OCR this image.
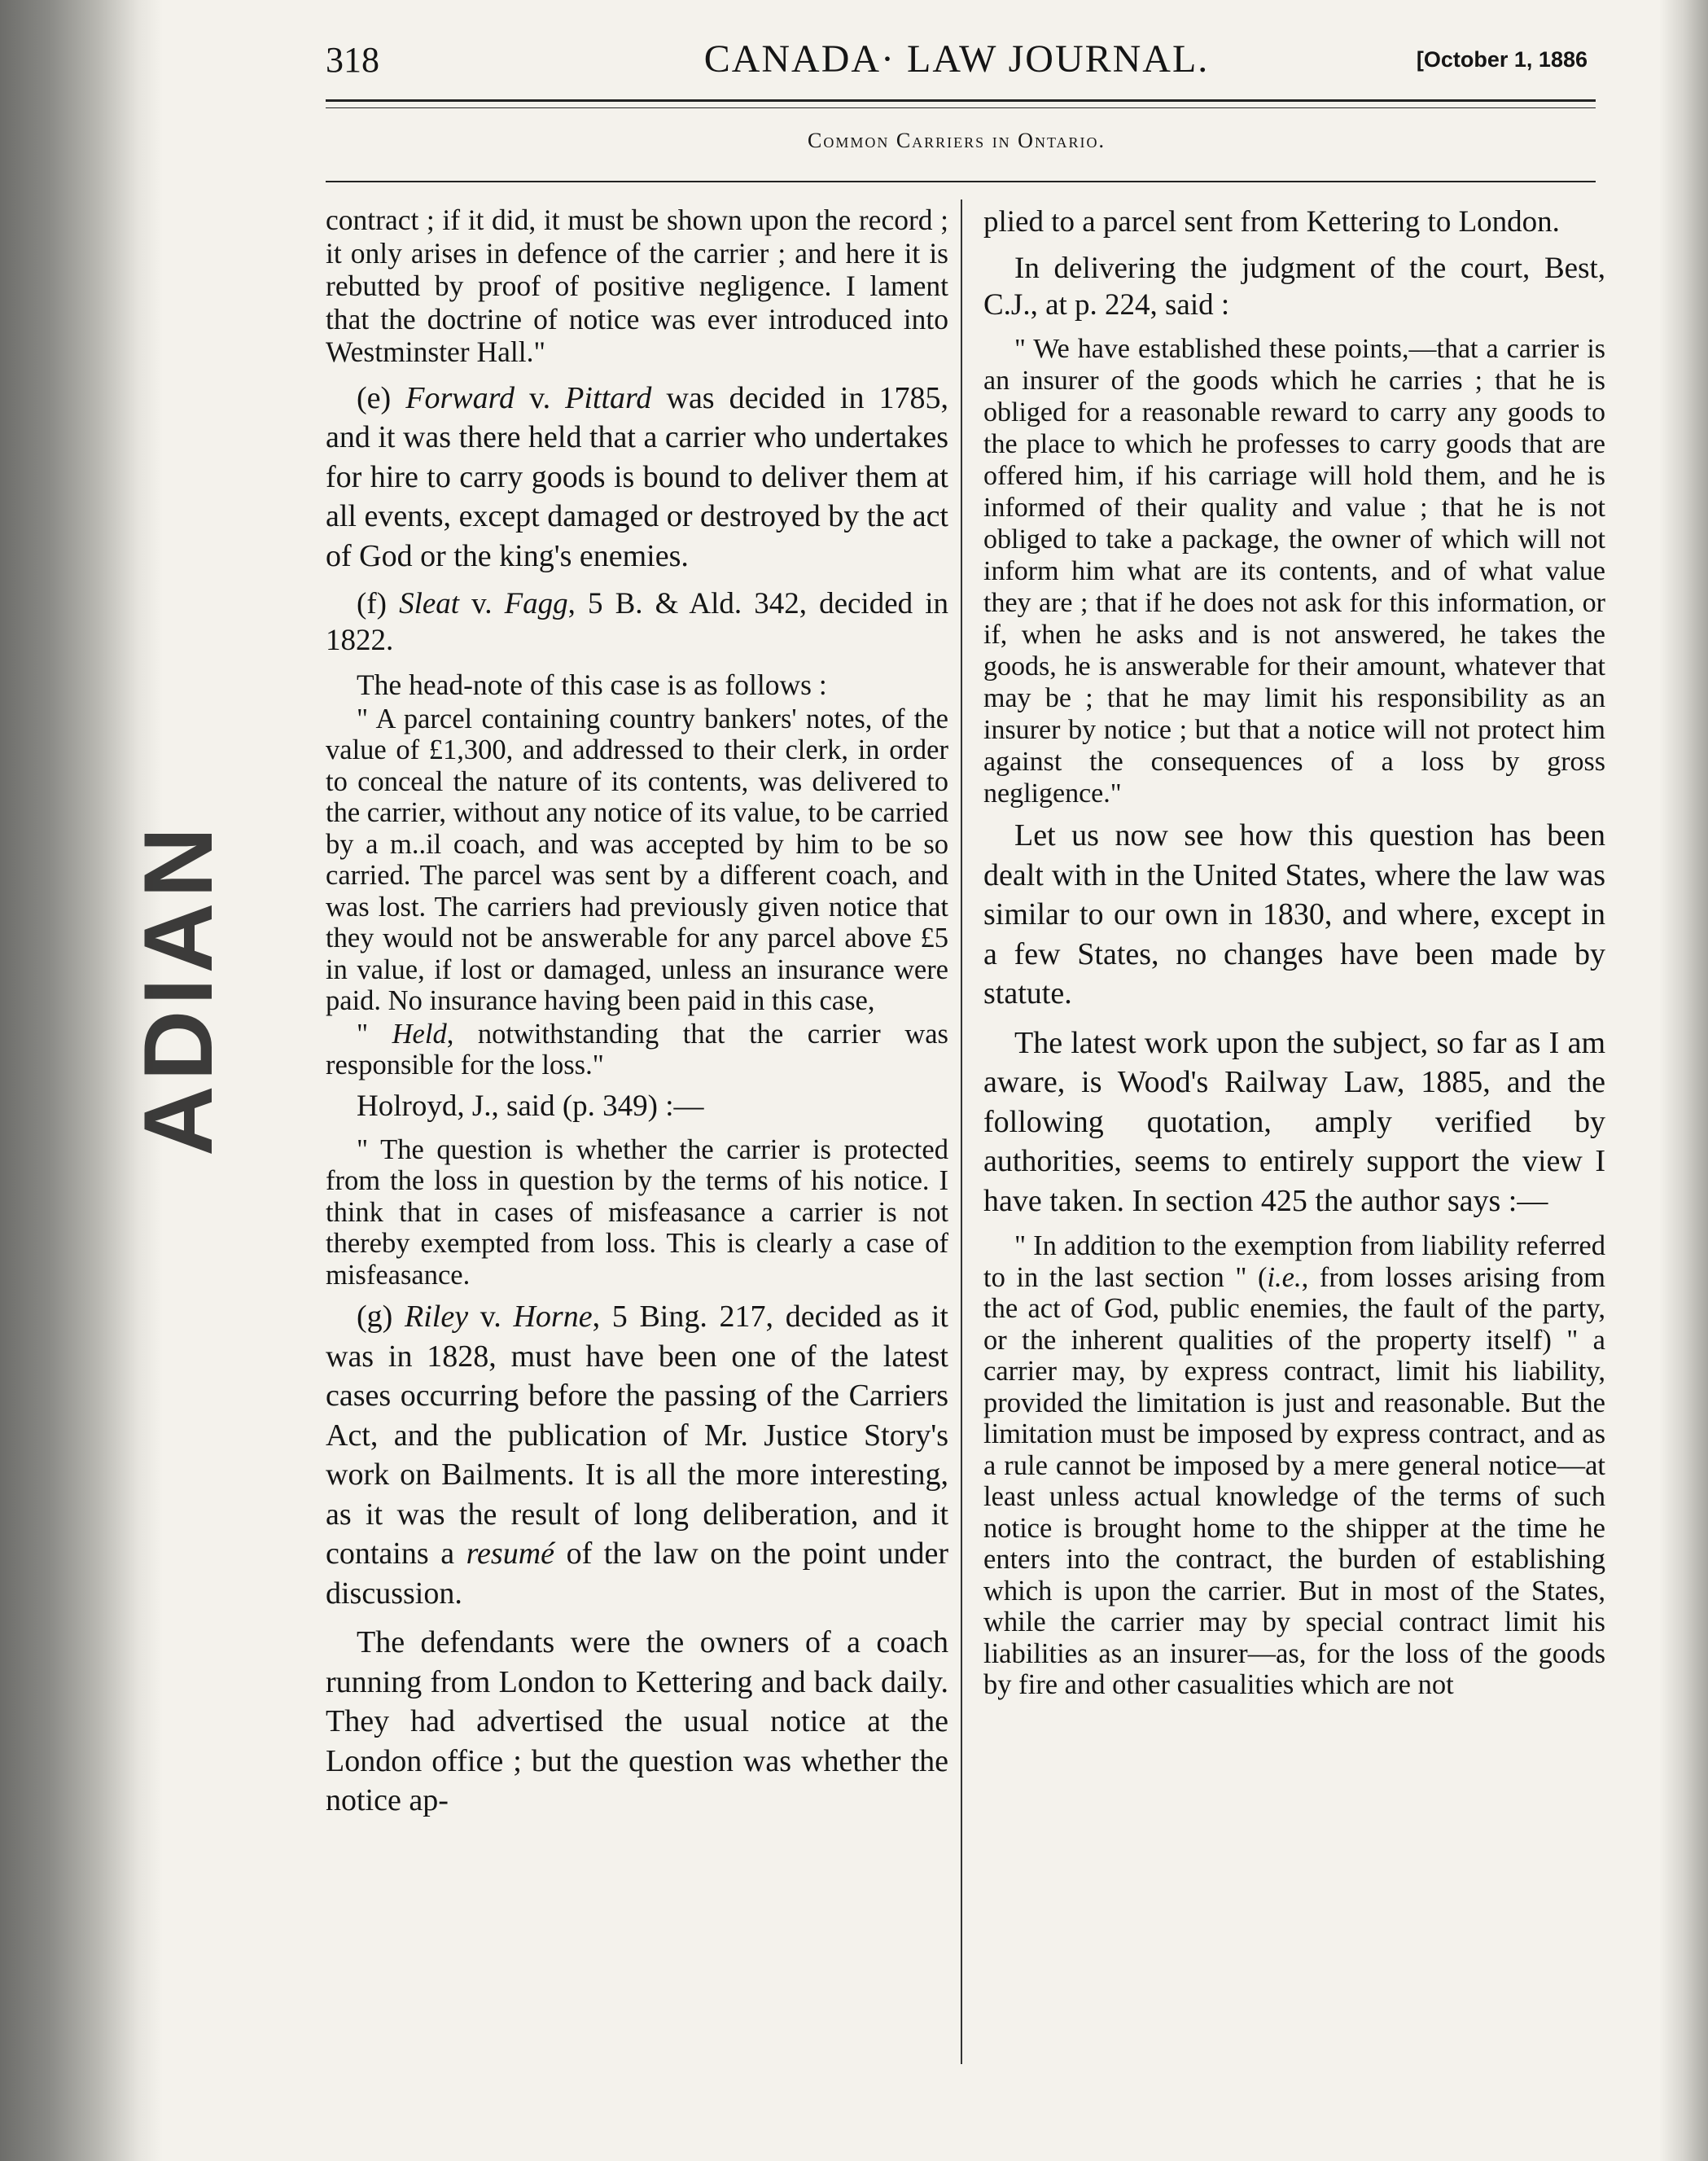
ADIAN
318	CANADA· LAW JOURNAL.	[October 1, 1886
Common Carriers in Ontario.

contract ; if it did, it must be shown upon the record ; it only arises in defence of the carrier ; and here it is rebutted by proof of positive negligence. I lament that the doctrine of notice was ever introduced into Westminster Hall."

(e) Forward v. Pittard was decided in 1785, and it was there held that a carrier who undertakes for hire to carry goods is bound to deliver them at all events, except damaged or destroyed by the act of God or the king's enemies.

(f) Sleat v. Fagg, 5 B. & Ald. 342, decided in 1822.

The head-note of this case is as follows :

" A parcel containing country bankers' notes, of the value of £1,300, and addressed to their clerk, in order to conceal the nature of its contents, was delivered to the carrier, without any notice of its value, to be carried by a m..il coach, and was accepted by him to be so carried. The parcel was sent by a different coach, and was lost. The carriers had previously given notice that they would not be answerable for any parcel above £5 in value, if lost or damaged, unless an insurance were paid. No insurance having been paid in this case,

" Held, notwithstanding that the carrier was responsible for the loss."

Holroyd, J., said (p. 349) :—

" The question is whether the carrier is protected from the loss in question by the terms of his notice. I think that in cases of misfeasance a carrier is not thereby exempted from loss. This is clearly a case of misfeasance.

(g) Riley v. Horne, 5 Bing. 217, decided as it was in 1828, must have been one of the latest cases occurring before the passing of the Carriers Act, and the publication of Mr. Justice Story's work on Bailments. It is all the more interesting, as it was the result of long deliberation, and it contains a resumé of the law on the point under discussion.

The defendants were the owners of a coach running from London to Kettering and back daily. They had advertised the usual notice at the London office ; but the question was whether the notice ap-

plied to a parcel sent from Kettering to London.

In delivering the judgment of the court, Best, C.J., at p. 224, said :

" We have established these points,—that a carrier is an insurer of the goods which he carries ; that he is obliged for a reasonable reward to carry any goods to the place to which he professes to carry goods that are offered him, if his carriage will hold them, and he is informed of their quality and value ; that he is not obliged to take a package, the owner of which will not inform him what are its contents, and of what value they are ; that if he does not ask for this information, or if, when he asks and is not answered, he takes the goods, he is answerable for their amount, whatever that may be ; that he may limit his responsibility as an insurer by notice ; but that a notice will not protect him against the consequences of a loss by gross negligence."

Let us now see how this question has been dealt with in the United States, where the law was similar to our own in 1830, and where, except in a few States, no changes have been made by statute.

The latest work upon the subject, so far as I am aware, is Wood's Railway Law, 1885, and the following quotation, amply verified by authorities, seems to entirely support the view I have taken. In section 425 the author says :—

" In addition to the exemption from liability referred to in the last section " (i.e., from losses arising from the act of God, public enemies, the fault of the party, or the inherent qualities of the property itself) " a carrier may, by express contract, limit his liability, provided the limitation is just and reasonable. But the limitation must be imposed by express contract, and as a rule cannot be imposed by a mere general notice—at least unless actual knowledge of the terms of such notice is brought home to the shipper at the time he enters into the contract, the burden of establishing which is upon the carrier. But in most of the States, while the carrier may by special contract limit his liabilities as an insurer—as, for the loss of the goods by fire and other casualities which are not
